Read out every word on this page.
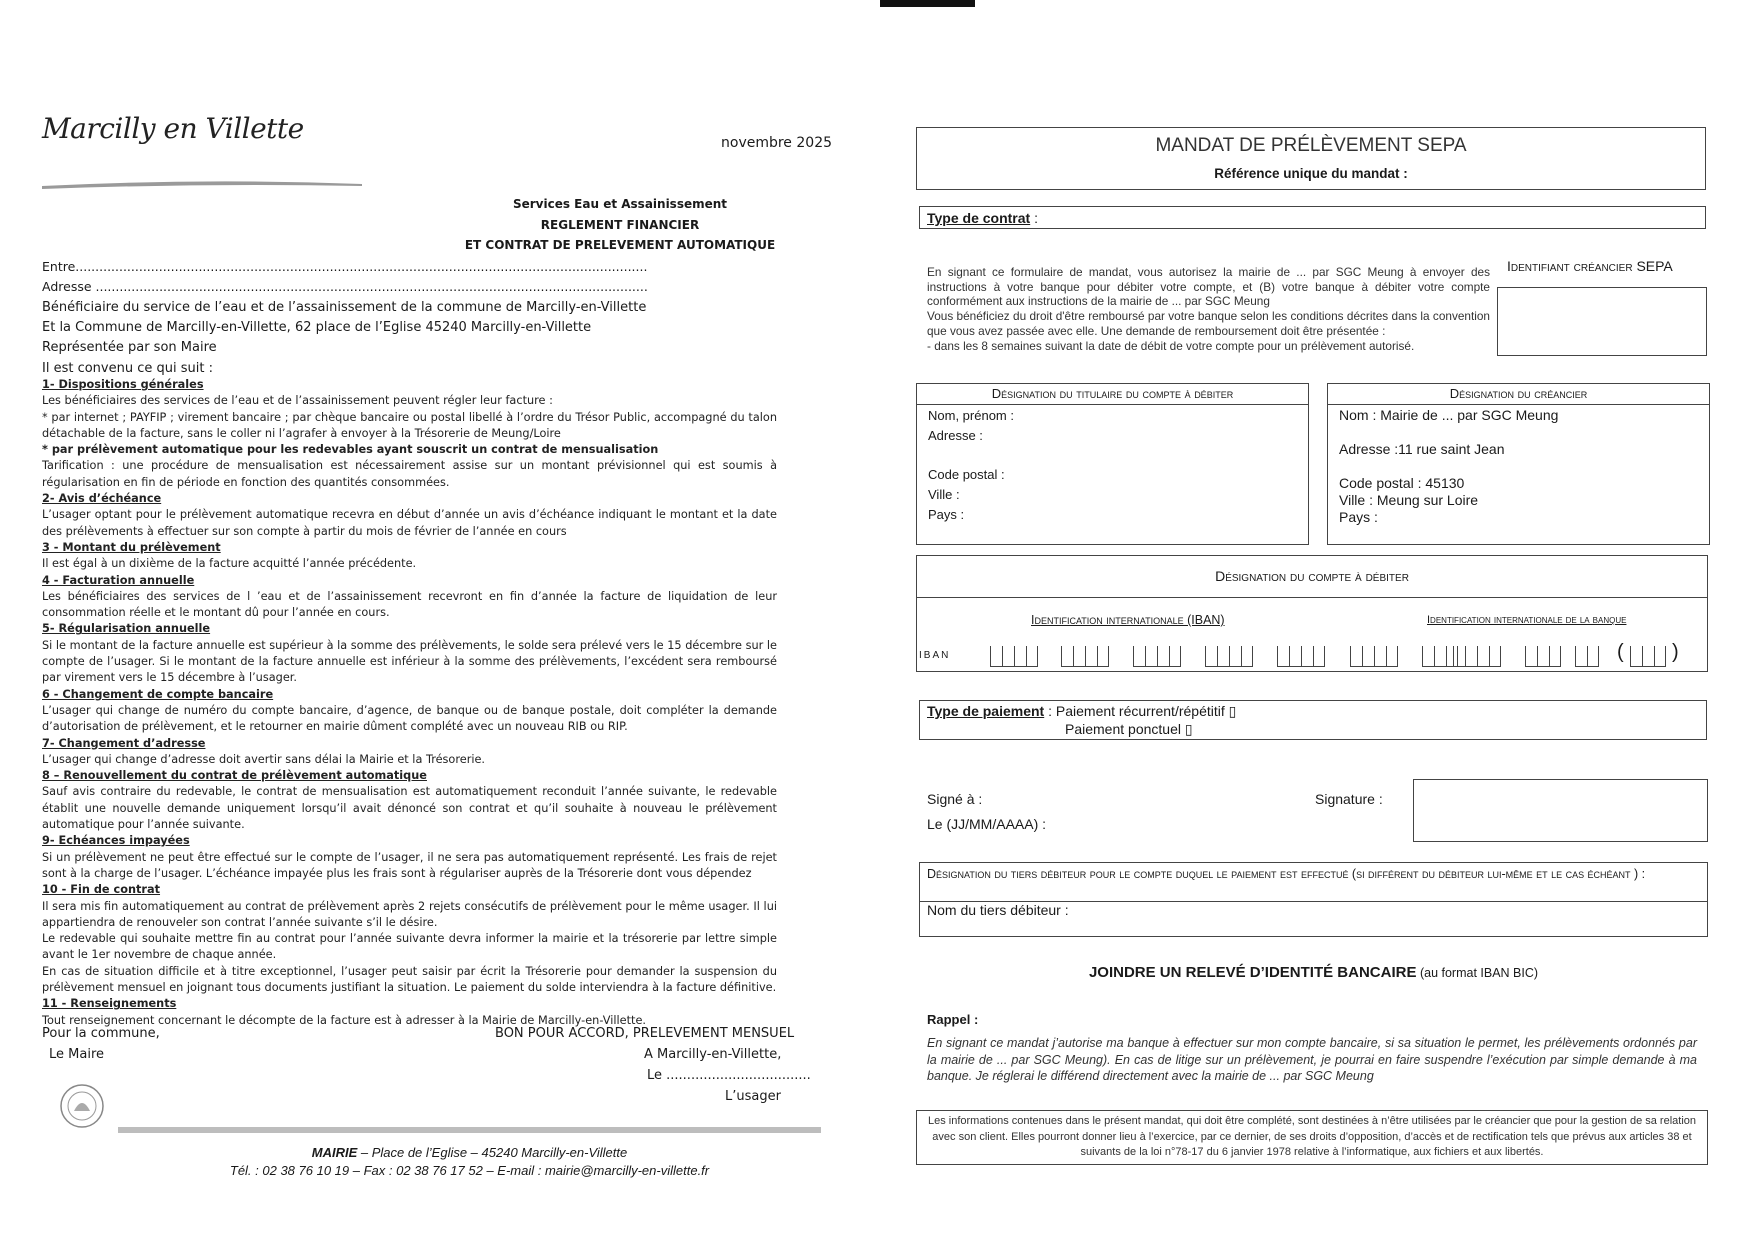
Marcilly en Villette	novembre 2025
Services Eau et Assainissement
REGLEMENT FINANCIER
ET CONTRAT DE PRELEVEMENT AUTOMATIQUE
Entre................................................................................................................................................
Adresse ...........................................................................................................................................
Bénéficiaire du service de l’eau et de l’assainissement de la commune de Marcilly-en-Villette
Et la Commune de Marcilly-en-Villette, 62 place de l’Eglise 45240 Marcilly-en-Villette
Représentée par son Maire
Il est convenu ce qui suit :

1- Dispositions générales

Les bénéficiaires des services de l’eau et de l’assainissement peuvent régler leur facture :

* par internet ; PAYFIP ; virement bancaire ; par chèque bancaire ou postal libellé à l’ordre du Trésor Public, accompagné du talon détachable de la facture, sans le coller ni l’agrafer à envoyer à la Trésorerie de Meung/Loire

* par prélèvement automatique pour les redevables ayant souscrit un contrat de mensualisation

Tarification : une procédure de mensualisation est nécessairement assise sur un montant prévisionnel qui est soumis à régularisation en fin de période en fonction des quantités consommées.

2- Avis d’échéance

L’usager optant pour le prélèvement automatique recevra en début d’année un avis d’échéance indiquant le montant et la date des prélèvements à effectuer sur son compte à partir du mois de février de l’année en cours

3 - Montant du prélèvement

Il est égal à un dixième de la facture acquitté l’année précédente.

4 - Facturation annuelle

Les bénéficiaires des services de l ’eau et de l’assainissement recevront en fin d’année la facture de liquidation de leur consommation réelle et le montant dû pour l’année en cours.

5- Régularisation annuelle

Si le montant de la facture annuelle est supérieur à la somme des prélèvements, le solde sera prélevé vers le 15 décembre sur le compte de l’usager. Si le montant de la facture annuelle est inférieur à la somme des prélèvements, l’excédent sera remboursé par virement vers le 15 décembre à l’usager.

6 - Changement de compte bancaire

L’usager qui change de numéro du compte bancaire, d’agence, de banque ou de banque postale, doit compléter la demande d’autorisation de prélèvement, et le retourner en mairie dûment complété avec un nouveau RIB ou RIP.

7- Changement d’adresse

L’usager qui change d’adresse doit avertir sans délai la Mairie et la Trésorerie.

8 – Renouvellement du contrat de prélèvement automatique

Sauf avis contraire du redevable, le contrat de mensualisation est automatiquement reconduit l’année suivante, le redevable établit une nouvelle demande uniquement lorsqu’il avait dénoncé son contrat et qu’il souhaite à nouveau le prélèvement automatique pour l’année suivante.

9- Echéances impayées

Si un prélèvement ne peut être effectué sur le compte de l’usager, il ne sera pas automatiquement représenté. Les frais de rejet sont à la charge de l’usager. L’échéance impayée plus les frais sont à régulariser auprès de la Trésorerie dont vous dépendez

10 - Fin de contrat

Il sera mis fin automatiquement au contrat de prélèvement après 2 rejets consécutifs de prélèvement pour le même usager. Il lui appartiendra de renouveler son contrat l’année suivante s’il le désire.

Le redevable qui souhaite mettre fin au contrat pour l’année suivante devra informer la mairie et la trésorerie par lettre simple avant le 1er novembre de chaque année.

En cas de situation difficile et à titre exceptionnel, l’usager peut saisir par écrit la Trésorerie pour demander la suspension du prélèvement mensuel en joignant tous documents justifiant la situation. Le paiement du solde interviendra à la facture définitive.

11 - Renseignements

Tout renseignement concernant le décompte de la facture est à adresser à la Mairie de Marcilly-en-Villette.

Pour la commune,	BON POUR ACCORD, PRELEVEMENT MENSUEL
Le Maire	A Marcilly-en-Villette,
Le ...................................
L’usager
MAIRIE – Place de l’Eglise – 45240 Marcilly-en-Villette
Tél. : 02 38 76 10 19 – Fax : 02 38 76 17 52 – E-mail : mairie@marcilly-en-villette.fr
MANDAT DE PRÉLÈVEMENT SEPA
Référence unique du mandat :
Type de contrat :

En signant ce formulaire de mandat, vous autorisez la mairie de ... par SGC Meung à envoyer des instructions à votre banque pour débiter votre compte, et (B) votre banque à débiter votre compte conformément aux instructions de la mairie de ... par SGC Meung

Vous bénéficiez du droit d'être remboursé par votre banque selon les conditions décrites dans la convention que vous avez passée avec elle. Une demande de remboursement doit être présentée :

- dans les 8 semaines suivant la date de débit de votre compte pour un prélèvement autorisé.

Identifiant créancier SEPA
Désignation du titulaire du compte à débiter
Nom, prénom :
Adresse :
Code postal :
Ville :
Pays :
Désignation du créancier
Nom : Mairie de ... par SGC Meung
Adresse :11 rue saint Jean
Code postal : 45130
Ville : Meung sur Loire
Pays :
Désignation du compte à débiter
Identification internationale (IBAN)	Identification internationale de la banque
IBAN	( )
Type de paiement : Paiement récurrent/répétitif ▯
Paiement ponctuel ▯
Signé à :
Le (JJ/MM/AAAA) :
Signature :
Désignation du tiers débiteur pour le compte duquel le paiement est effectué (si différent du débiteur lui-même et le cas échéant ) :
Nom du tiers débiteur :
JOINDRE UN RELEVÉ D’IDENTITÉ BANCAIRE (au format IBAN BIC)
Rappel :
En signant ce mandat j’autorise ma banque à effectuer sur mon compte bancaire, si sa situation le permet, les prélèvements ordonnés par la mairie de ... par SGC Meung). En cas de litige sur un prélèvement, je pourrai en faire suspendre l’exécution par simple demande à ma banque. Je réglerai le différend directement avec la mairie de ... par SGC Meung
Les informations contenues dans le présent mandat, qui doit être complété, sont destinées à n’être utilisées par le créancier que pour la gestion de sa relation avec son client. Elles pourront donner lieu à l’exercice, par ce dernier, de ses droits d’opposition, d’accès et de rectification tels que prévus aux articles 38 et suivants de la loi n°78-17 du 6 janvier 1978 relative à l’informatique, aux fichiers et aux libertés.
